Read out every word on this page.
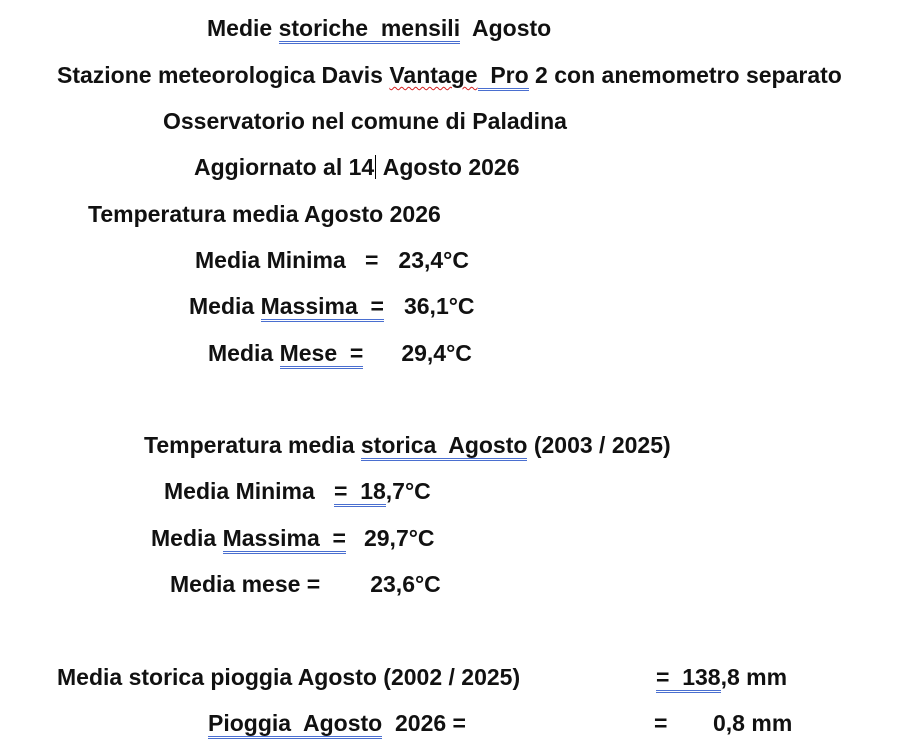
Medie storiche  mensili  Agosto
Stazione meteorologica Davis Vantage  Pro 2 con anemometro separato
Osservatorio nel comune di Paladina
Aggiornato al 14 Agosto 2026
Temperatura media Agosto 2026
Media Minima   = 23,4°C
Media Massima  = 36,1°C
Media Mese  = 29,4°C
Temperatura media storica  Agosto (2003 / 2025)
Media Minima   =  18,7°C
Media Massima  = 29,7°C
Media mese = 23,6°C
Media storica pioggia Agosto (2002 / 2025)	=  138,8 mm
Pioggia  Agosto  2026 =	= 0,8 mm
